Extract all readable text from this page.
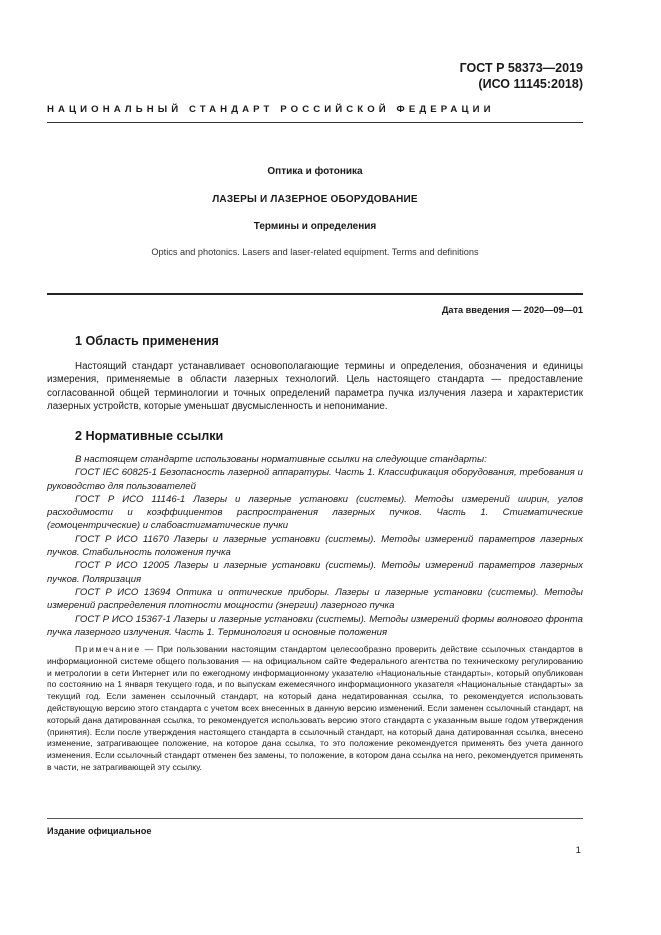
ГОСТ Р 58373—2019
(ИСО 11145:2018)
НАЦИОНАЛЬНЫЙ СТАНДАРТ РОССИЙСКОЙ ФЕДЕРАЦИИ
Оптика и фотоника
ЛАЗЕРЫ И ЛАЗЕРНОЕ ОБОРУДОВАНИЕ
Термины и определения
Optics and photonics. Lasers and laser-related equipment. Terms and definitions
Дата введения — 2020—09—01
1 Область применения
Настоящий стандарт устанавливает основополагающие термины и определения, обозначения и единицы измерения, применяемые в области лазерных технологий. Цель настоящего стандарта — предоставление согласованной общей терминологии и точных определений параметра пучка излучения лазера и характеристик лазерных устройств, которые уменьшат двусмысленность и непонимание.
2 Нормативные ссылки
В настоящем стандарте использованы нормативные ссылки на следующие стандарты:
ГОСТ IEC 60825-1 Безопасность лазерной аппаратуры. Часть 1. Классификация оборудования, требования и руководство для пользователей
ГОСТ Р ИСО 11146-1 Лазеры и лазерные установки (системы). Методы измерений ширин, углов расходимости и коэффициентов распространения лазерных пучков. Часть 1. Стигматические (гомоцентрические) и слабоастигматические пучки
ГОСТ Р ИСО 11670 Лазеры и лазерные установки (системы). Методы измерений параметров лазерных пучков. Стабильность положения пучка
ГОСТ Р ИСО 12005 Лазеры и лазерные установки (системы). Методы измерений параметров лазерных пучков. Поляризация
ГОСТ Р ИСО 13694 Оптика и оптические приборы. Лазеры и лазерные установки (системы). Методы измерений распределения плотности мощности (энергии) лазерного пучка
ГОСТ Р ИСО 15367-1 Лазеры и лазерные установки (системы). Методы измерений формы волнового фронта пучка лазерного излучения. Часть 1. Терминология и основные положения
Примечание — При пользовании настоящим стандартом целесообразно проверить действие ссылочных стандартов в информационной системе общего пользования — на официальном сайте Федерального агентства по техническому регулированию и метрологии в сети Интернет или по ежегодному информационному указателю «Национальные стандарты», который опубликован по состоянию на 1 января текущего года, и по выпускам ежемесячного информационного указателя «Национальные стандарты» за текущий год. Если заменен ссылочный стандарт, на который дана недатированная ссылка, то рекомендуется использовать действующую версию этого стандарта с учетом всех внесенных в данную версию изменений. Если заменен ссылочный стандарт, на который дана датированная ссылка, то рекомендуется использовать версию этого стандарта с указанным выше годом утверждения (принятия). Если после утверждения настоящего стандарта в ссылочный стандарт, на который дана датированная ссылка, внесено изменение, затрагивающее положение, на которое дана ссылка, то это положение рекомендуется применять без учета данного изменения. Если ссылочный стандарт отменен без замены, то положение, в котором дана ссылка на него, рекомендуется применять в части, не затрагивающей эту ссылку.
Издание официальное
1
